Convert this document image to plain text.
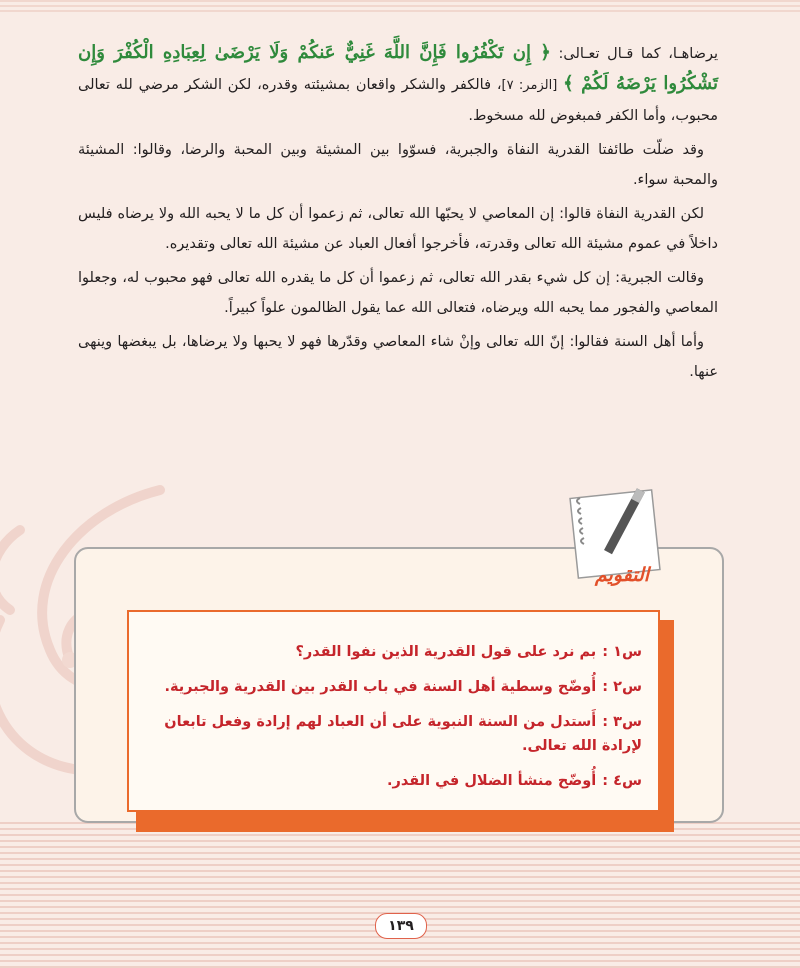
يرضاهـا، كما قـال تعـالى: ﴿ إِن تَكْفُرُوا فَإِنَّ اللَّهَ غَنِيٌّ عَنكُمْ وَلَا يَرْضَىٰ لِعِبَادِهِ الْكُفْرَ وَإِن تَشْكُرُوا يَرْضَهُ لَكُمْ ﴾ [الزمر: ٧]، فالكفر والشكر واقعان بمشيئته وقدره، لكن الشكر مرضي لله تعالى محبوب، وأما الكفر فمبغوض لله مسخوط.

وقد ضلّت طائفتا القدرية النفاة والجبرية، فسوّوا بين المشيئة وبين المحبة والرضا، وقالوا: المشيئة والمحبة سواء.

لكن القدرية النفاة قالوا: إن المعاصي لا يحبّها الله تعالى، ثم زعموا أن كل ما لا يحبه الله ولا يرضاه فليس داخلاً في عموم مشيئة الله تعالى وقدرته، فأخرجوا أفعال العباد عن مشيئة الله تعالى وتقديره.

وقالت الجبرية: إن كل شيء بقدر الله تعالى، ثم زعموا أن كل ما يقدره الله تعالى فهو محبوب له، وجعلوا المعاصي والفجور مما يحبه الله ويرضاه، فتعالى الله عما يقول الظالمون علواً كبيراً.

وأما أهل السنة فقالوا: إنّ الله تعالى وإنْ شاء المعاصي وقدّرها فهو لا يحبها ولا يرضاها، بل يبغضها وينهى عنها.

التقويم
س١ :بم نرد على قول القدرية الذين نفوا القدر؟
س٢ :أُوضّح وسطية أهل السنة في باب القدر بين القدرية والجبرية.
س٣ :أَستدل من السنة النبوية على أن العباد لهم إرادة وفعل تابعان لإرادة الله تعالى.
س٤ :أُوضّح منشأ الضلال في القدر.
١٣٩
